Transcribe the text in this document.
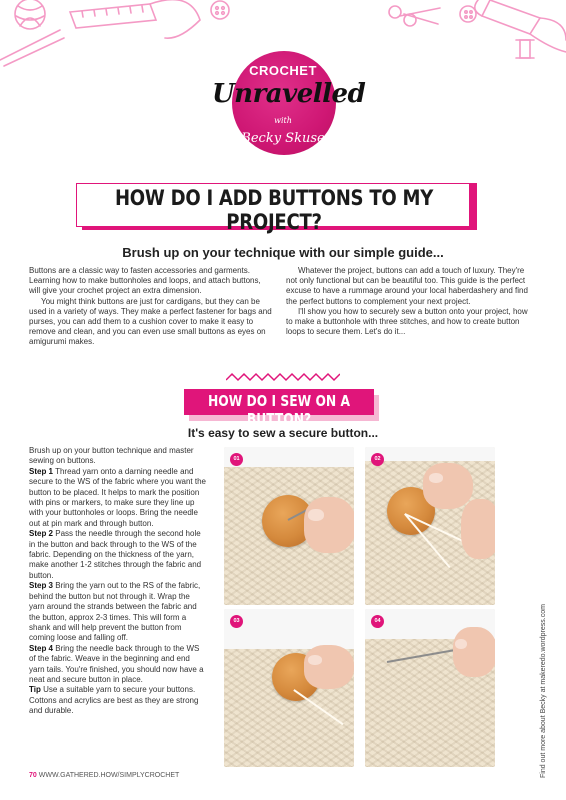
CROCHET
Unravelled
with
Becky Skuse
HOW DO I ADD BUTTONS TO MY PROJECT?
Brush up on your technique with our simple guide...

Buttons are a classic way to fasten accessories and garments. Learning how to make buttonholes and loops, and attach buttons, will give your crochet project an extra dimension.

You might think buttons are just for cardigans, but they can be used in a variety of ways. They make a perfect fastener for bags and purses, you can add them to a cushion cover to make it easy to remove and clean, and you can even use small buttons as eyes on amigurumi makes.

Whatever the project, buttons can add a touch of luxury. They're not only functional but can be beautiful too. This guide is the perfect excuse to have a rummage around your local haberdashery and find the perfect buttons to complement your next project.

I'll show you how to securely sew a button onto your project, how to make a buttonhole with three stitches, and how to create button loops to secure them. Let's do it...

HOW DO I SEW ON A BUTTON?
It's easy to sew a secure button...
Brush up on your button technique and master sewing on buttons.
Step 1 Thread yarn onto a darning needle and secure to the WS of the fabric where you want the button to be placed. It helps to mark the position with pins or markers, to make sure they line up with your buttonholes or loops. Bring the needle out at pin mark and through button.
Step 2 Pass the needle through the second hole in the button and back through to the WS of the fabric. Depending on the thickness of the yarn, make another 1-2 stitches through the fabric and button.
Step 3 Bring the yarn out to the RS of the fabric, behind the button but not through it. Wrap the yarn around the strands between the fabric and the button, approx 2-3 times. This will form a shank and will help prevent the button from coming loose and falling off.
Step 4 Bring the needle back through to the WS of the fabric. Weave in the beginning and end yarn tails. You're finished, you should now have a neat and secure button in place.
Tip Use a suitable yarn to secure your buttons. Cottons and acrylics are best as they are strong and durable.
01	02
03	04	Find out more about Becky at makeredo.wordpress.com
70 WWW.GATHERED.HOW/SIMPLYCROCHET
